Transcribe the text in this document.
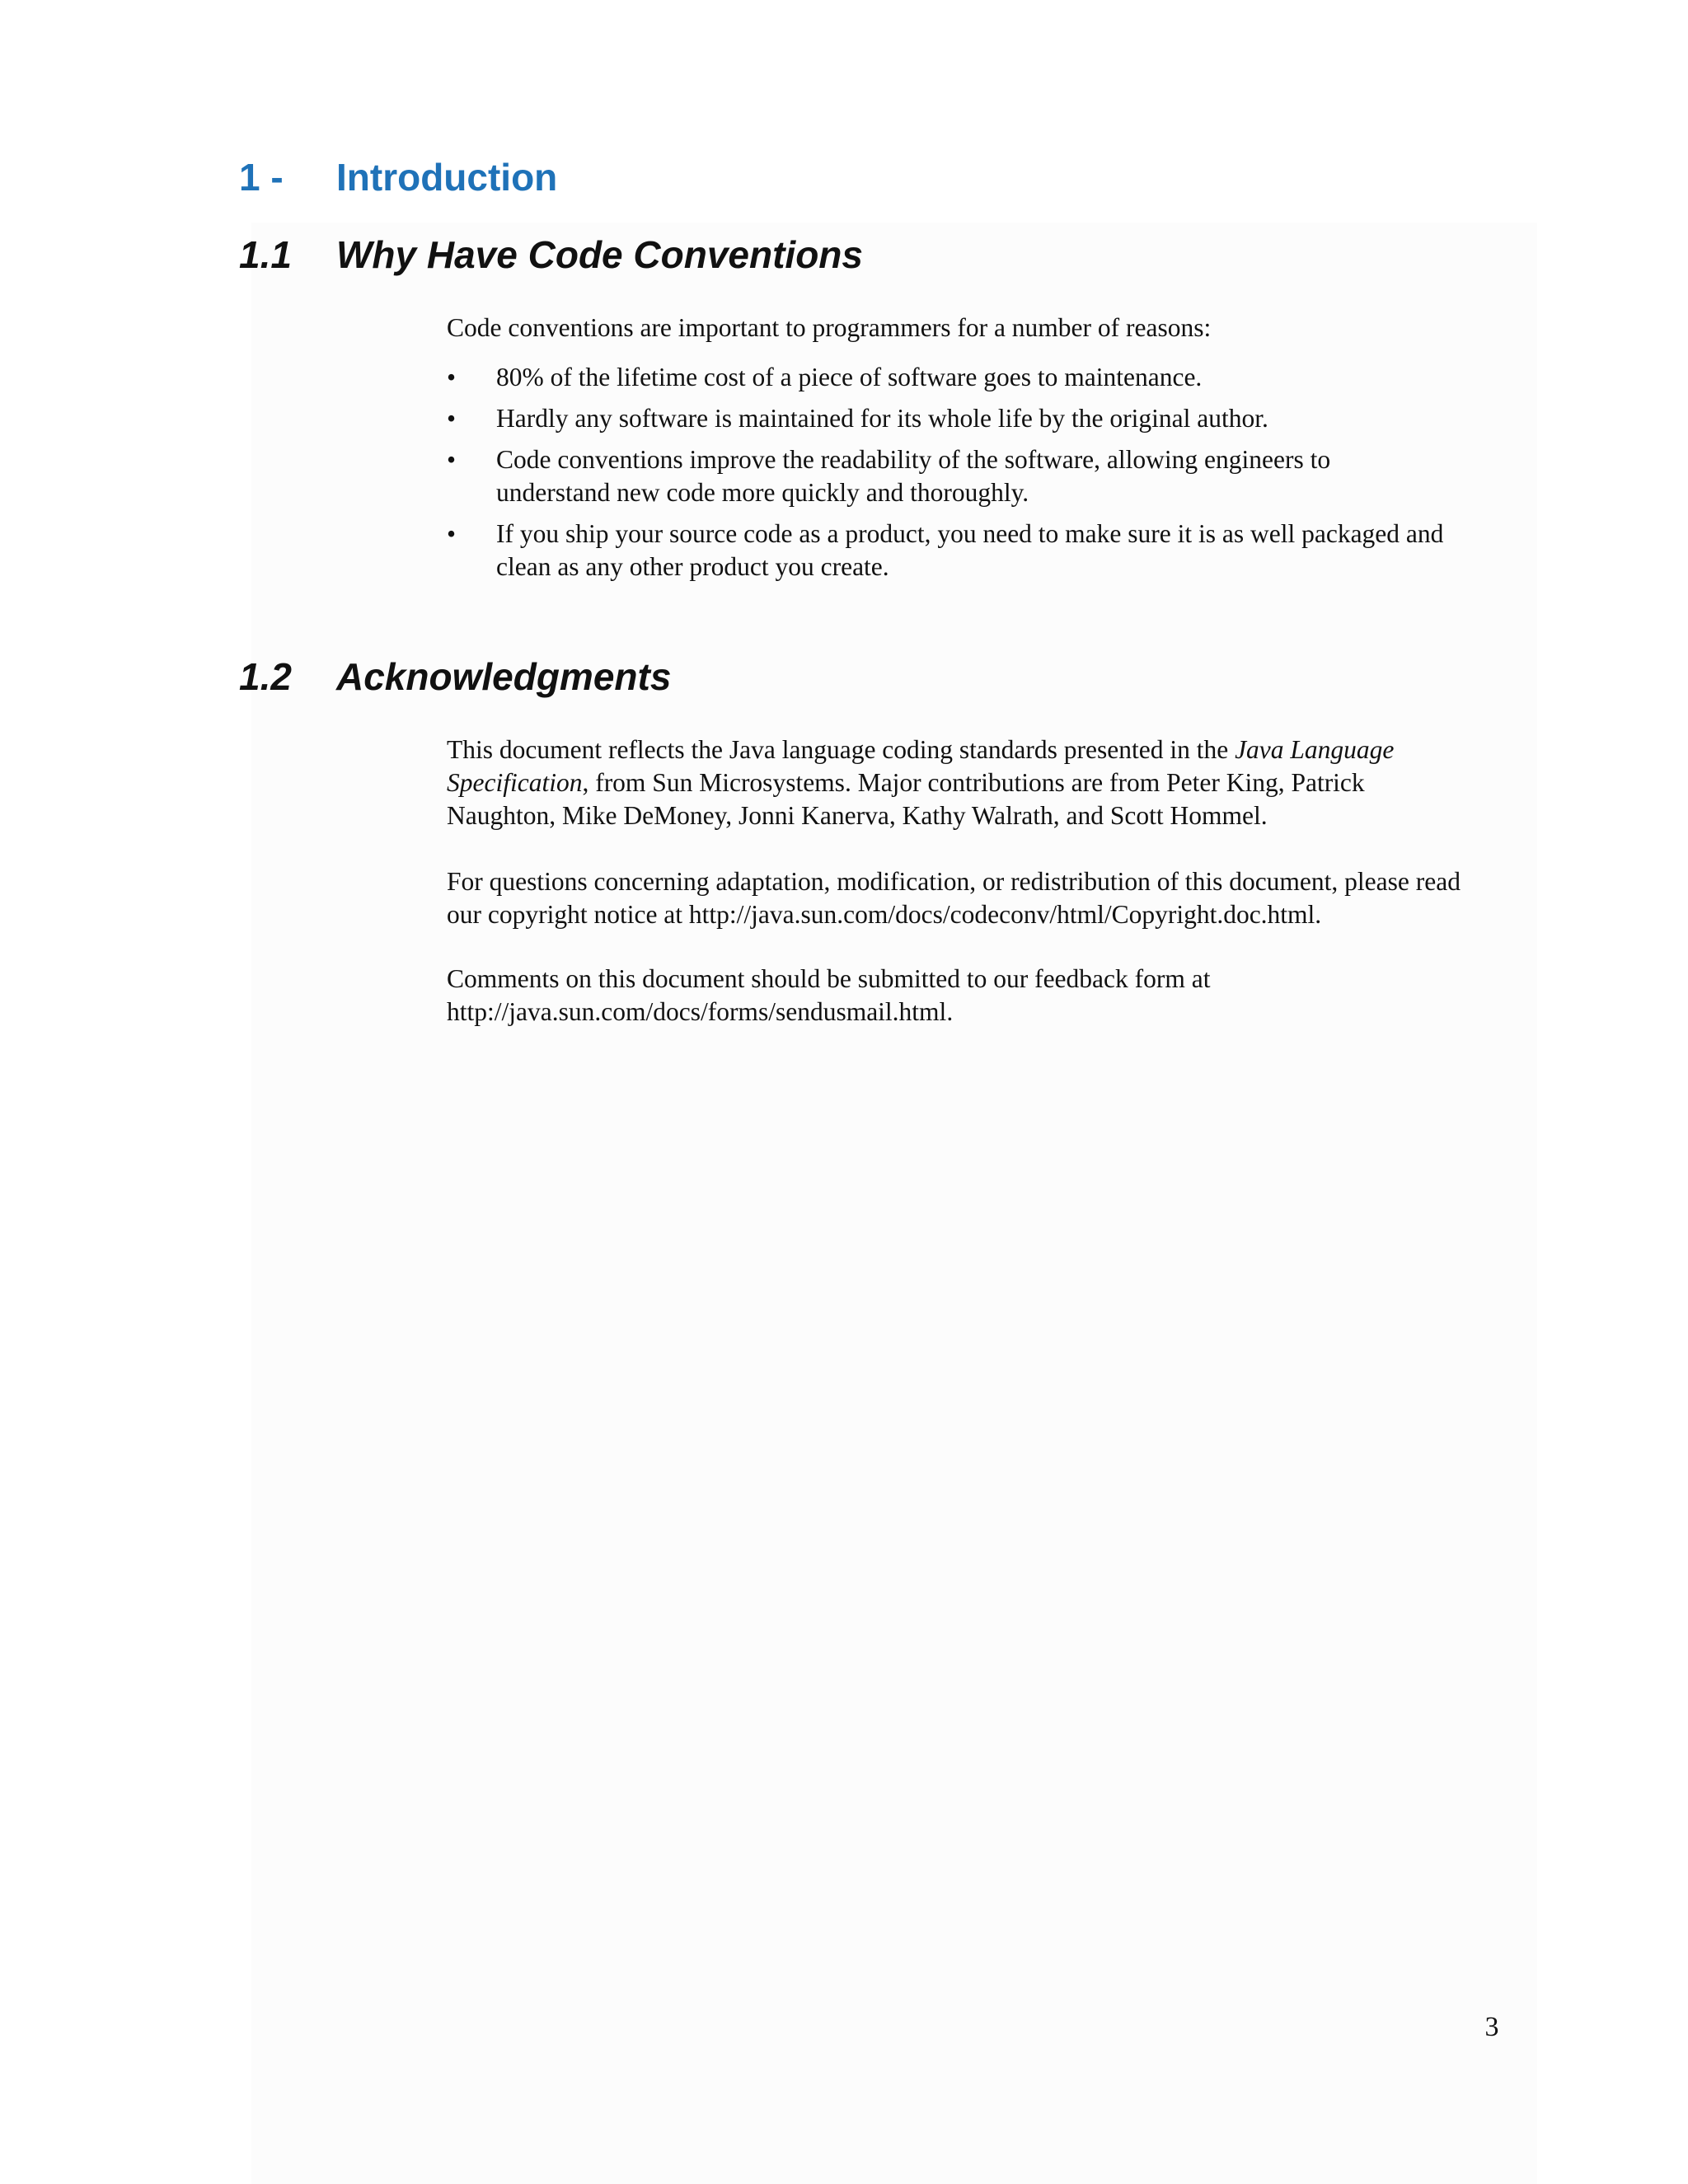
1 - Introduction
1.1 Why Have Code Conventions
Code conventions are important to programmers for a number of reasons:
• 80% of the lifetime cost of a piece of software goes to maintenance.
• Hardly any software is maintained for its whole life by the original author.
• Code conventions improve the readability of the software, allowing engineers to understand new code more quickly and thoroughly.
• If you ship your source code as a product, you need to make sure it is as well packaged and clean as any other product you create.
1.2 Acknowledgments
This document reflects the Java language coding standards presented in the Java Language Specification, from Sun Microsystems. Major contributions are from Peter King, Patrick Naughton, Mike DeMoney, Jonni Kanerva, Kathy Walrath, and Scott Hommel.
For questions concerning adaptation, modification, or redistribution of this document, please read our copyright notice at http://java.sun.com/docs/codeconv/html/Copyright.doc.html.
Comments on this document should be submitted to our feedback form at http://java.sun.com/docs/forms/sendusmail.html.
3
